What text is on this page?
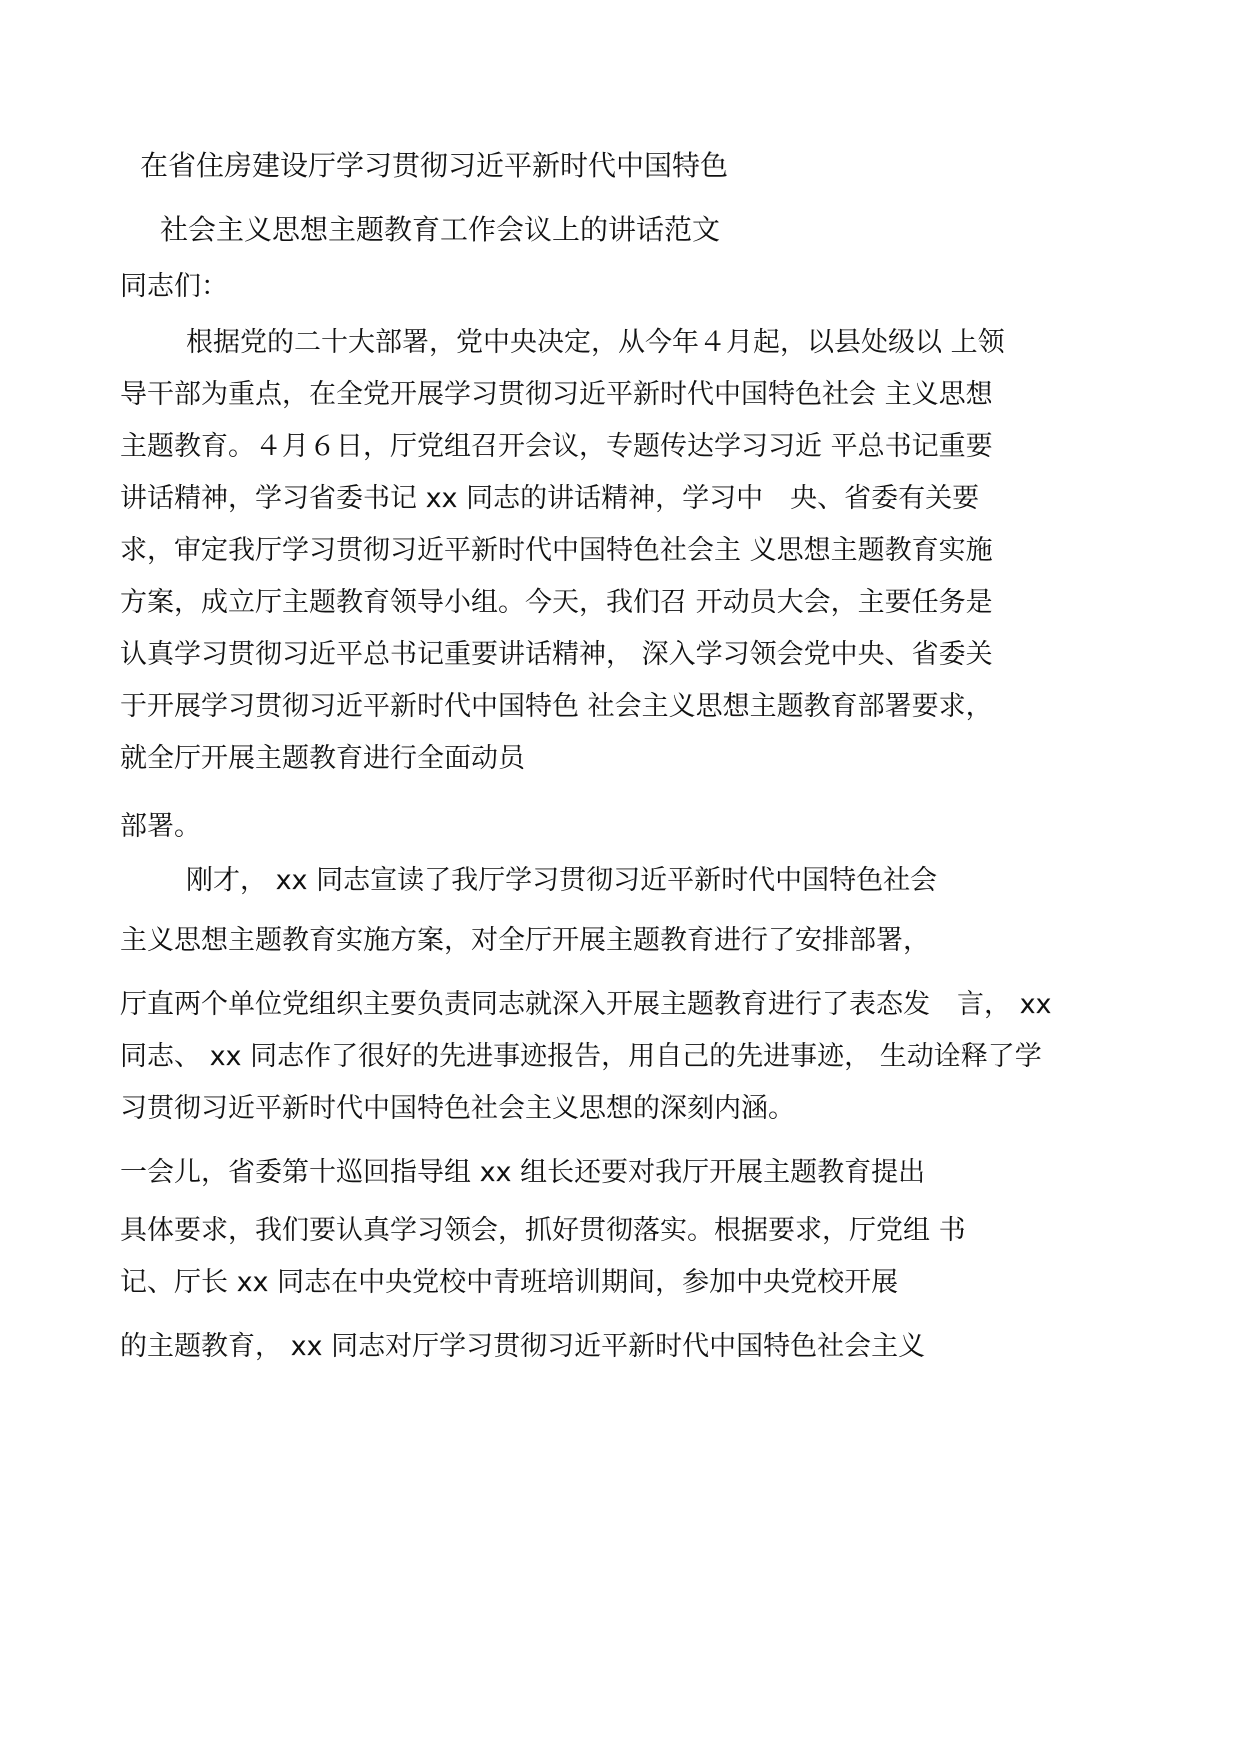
在省住房建设厅学习贯彻习近平新时代中国特色
社会主义思想主题教育工作会议上的讲话范文
同志们：
根据党的二十大部署，党中央决定，从今年４月起，以县处级以 上领
导干部为重点，在全党开展学习贯彻习近平新时代中国特色社会 主义思想
主题教育。４月６日，厅党组召开会议，专题传达学习习近 平总书记重要
讲话精神，学习省委书记 xx 同志的讲话精神，学习中　央、省委有关要
求，审定我厅学习贯彻习近平新时代中国特色社会主 义思想主题教育实施
方案，成立厅主题教育领导小组。今天，我们召 开动员大会，主要任务是
认真学习贯彻习近平总书记重要讲话精神， 深入学习领会党中央、省委关
于开展学习贯彻习近平新时代中国特色 社会主义思想主题教育部署要求，
就全厅开展主题教育进行全面动员
部署。
刚才， xx 同志宣读了我厅学习贯彻习近平新时代中国特色社会
主义思想主题教育实施方案，对全厅开展主题教育进行了安排部署，
厅直两个单位党组织主要负责同志就深入开展主题教育进行了表态发　言， xx
同志、 xx 同志作了很好的先进事迹报告，用自己的先进事迹， 生动诠释了学
习贯彻习近平新时代中国特色社会主义思想的深刻内涵。
一会儿，省委第十巡回指导组 xx 组长还要对我厅开展主题教育提出
具体要求，我们要认真学习领会，抓好贯彻落实。根据要求，厅党组 书
记、厅长 xx 同志在中央党校中青班培训期间，参加中央党校开展
的主题教育， xx 同志对厅学习贯彻习近平新时代中国特色社会主义
